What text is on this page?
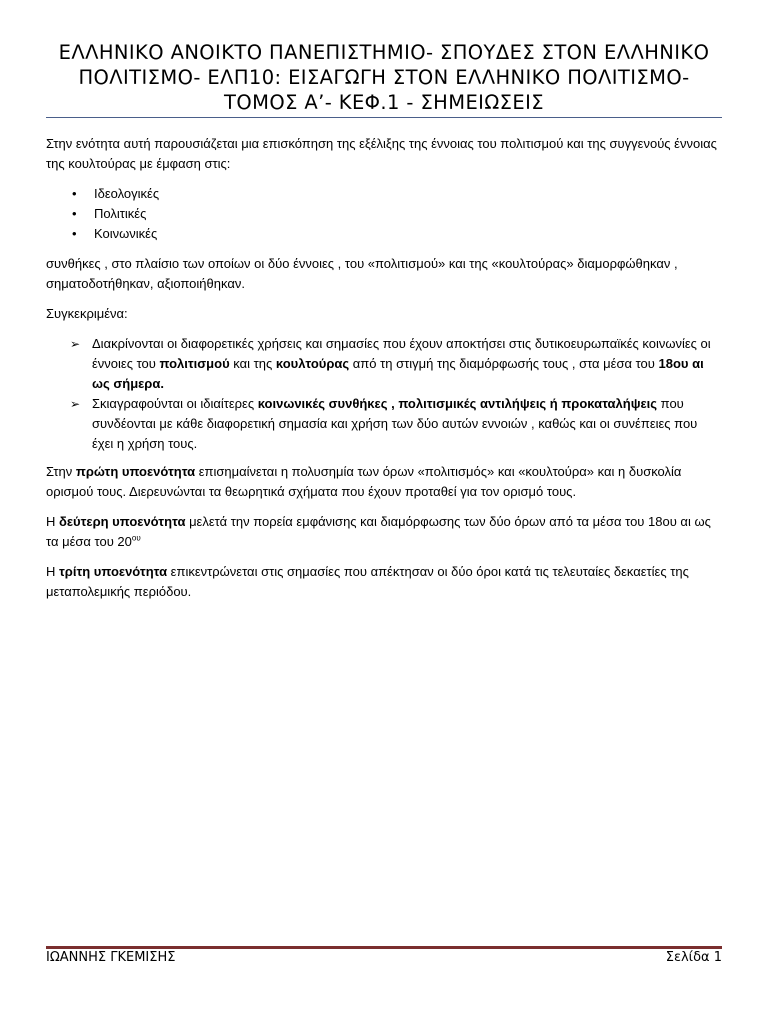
ΕΛΛΗΝΙΚΟ ΑΝΟΙΚΤΟ ΠΑΝΕΠΙΣΤΗΜΙΟ- ΣΠΟΥΔΕΣ ΣΤΟΝ ΕΛΛΗΝΙΚΟ ΠΟΛΙΤΙΣΜΟ- ΕΛΠ10: ΕΙΣΑΓΩΓΗ ΣΤΟΝ ΕΛΛΗΝΙΚΟ ΠΟΛΙΤΙΣΜΟ- ΤΟΜΟΣ Α’- ΚΕΦ.1 - ΣΗΜΕΙΩΣΕΙΣ

Στην ενότητα αυτή παρουσιάζεται μια επισκόπηση της εξέλιξης της έννοιας του πολιτισμού και της συγγενούς έννοιας της κουλτούρας με έμφαση στις:

• Ιδεολογικές
• Πολιτικές
• Κοινωνικές

συνθήκες , στο πλαίσιο των οποίων οι δύο έννοιες , του «πολιτισμού» και της «κουλτούρας» διαμορφώθηκαν , σηματοδοτήθηκαν, αξιοποιήθηκαν.

Συγκεκριμένα:

➢ Διακρίνονται οι διαφορετικές χρήσεις και σημασίες που έχουν αποκτήσει στις δυτικοευρωπαϊκές κοινωνίες οι έννοιες του πολιτισμού και της κουλτούρας από τη στιγμή της διαμόρφωσής τους , στα μέσα του 18ου αι ως σήμερα.
➢ Σκιαγραφούνται οι ιδιαίτερες κοινωνικές συνθήκες , πολιτισμικές αντιλήψεις ή προκαταλήψεις που συνδέονται με κάθε διαφορετική σημασία και χρήση των δύο αυτών εννοιών , καθώς και οι συνέπειες που έχει η χρήση τους.

Στην πρώτη υποενότητα επισημαίνεται η πολυσημία των όρων «πολιτισμός» και «κουλτούρα» και η δυσκολία ορισμού τους. Διερευνώνται τα θεωρητικά σχήματα που έχουν προταθεί για τον ορισμό τους.

Η δεύτερη υποενότητα μελετά την πορεία εμφάνισης και διαμόρφωσης των δύο όρων από τα μέσα του 18ου αι ως τα μέσα του $20^{o\upsilon}$

Η τρίτη υποενότητα επικεντρώνεται στις σημασίες που απέκτησαν οι δύο όροι κατά τις τελευταίες δεκαετίες της μεταπολεμικής περιόδου.

ΙΩΑΝΝΗΣ ΓΚΕΜΙΣΗΣ	Σελίδα 1
